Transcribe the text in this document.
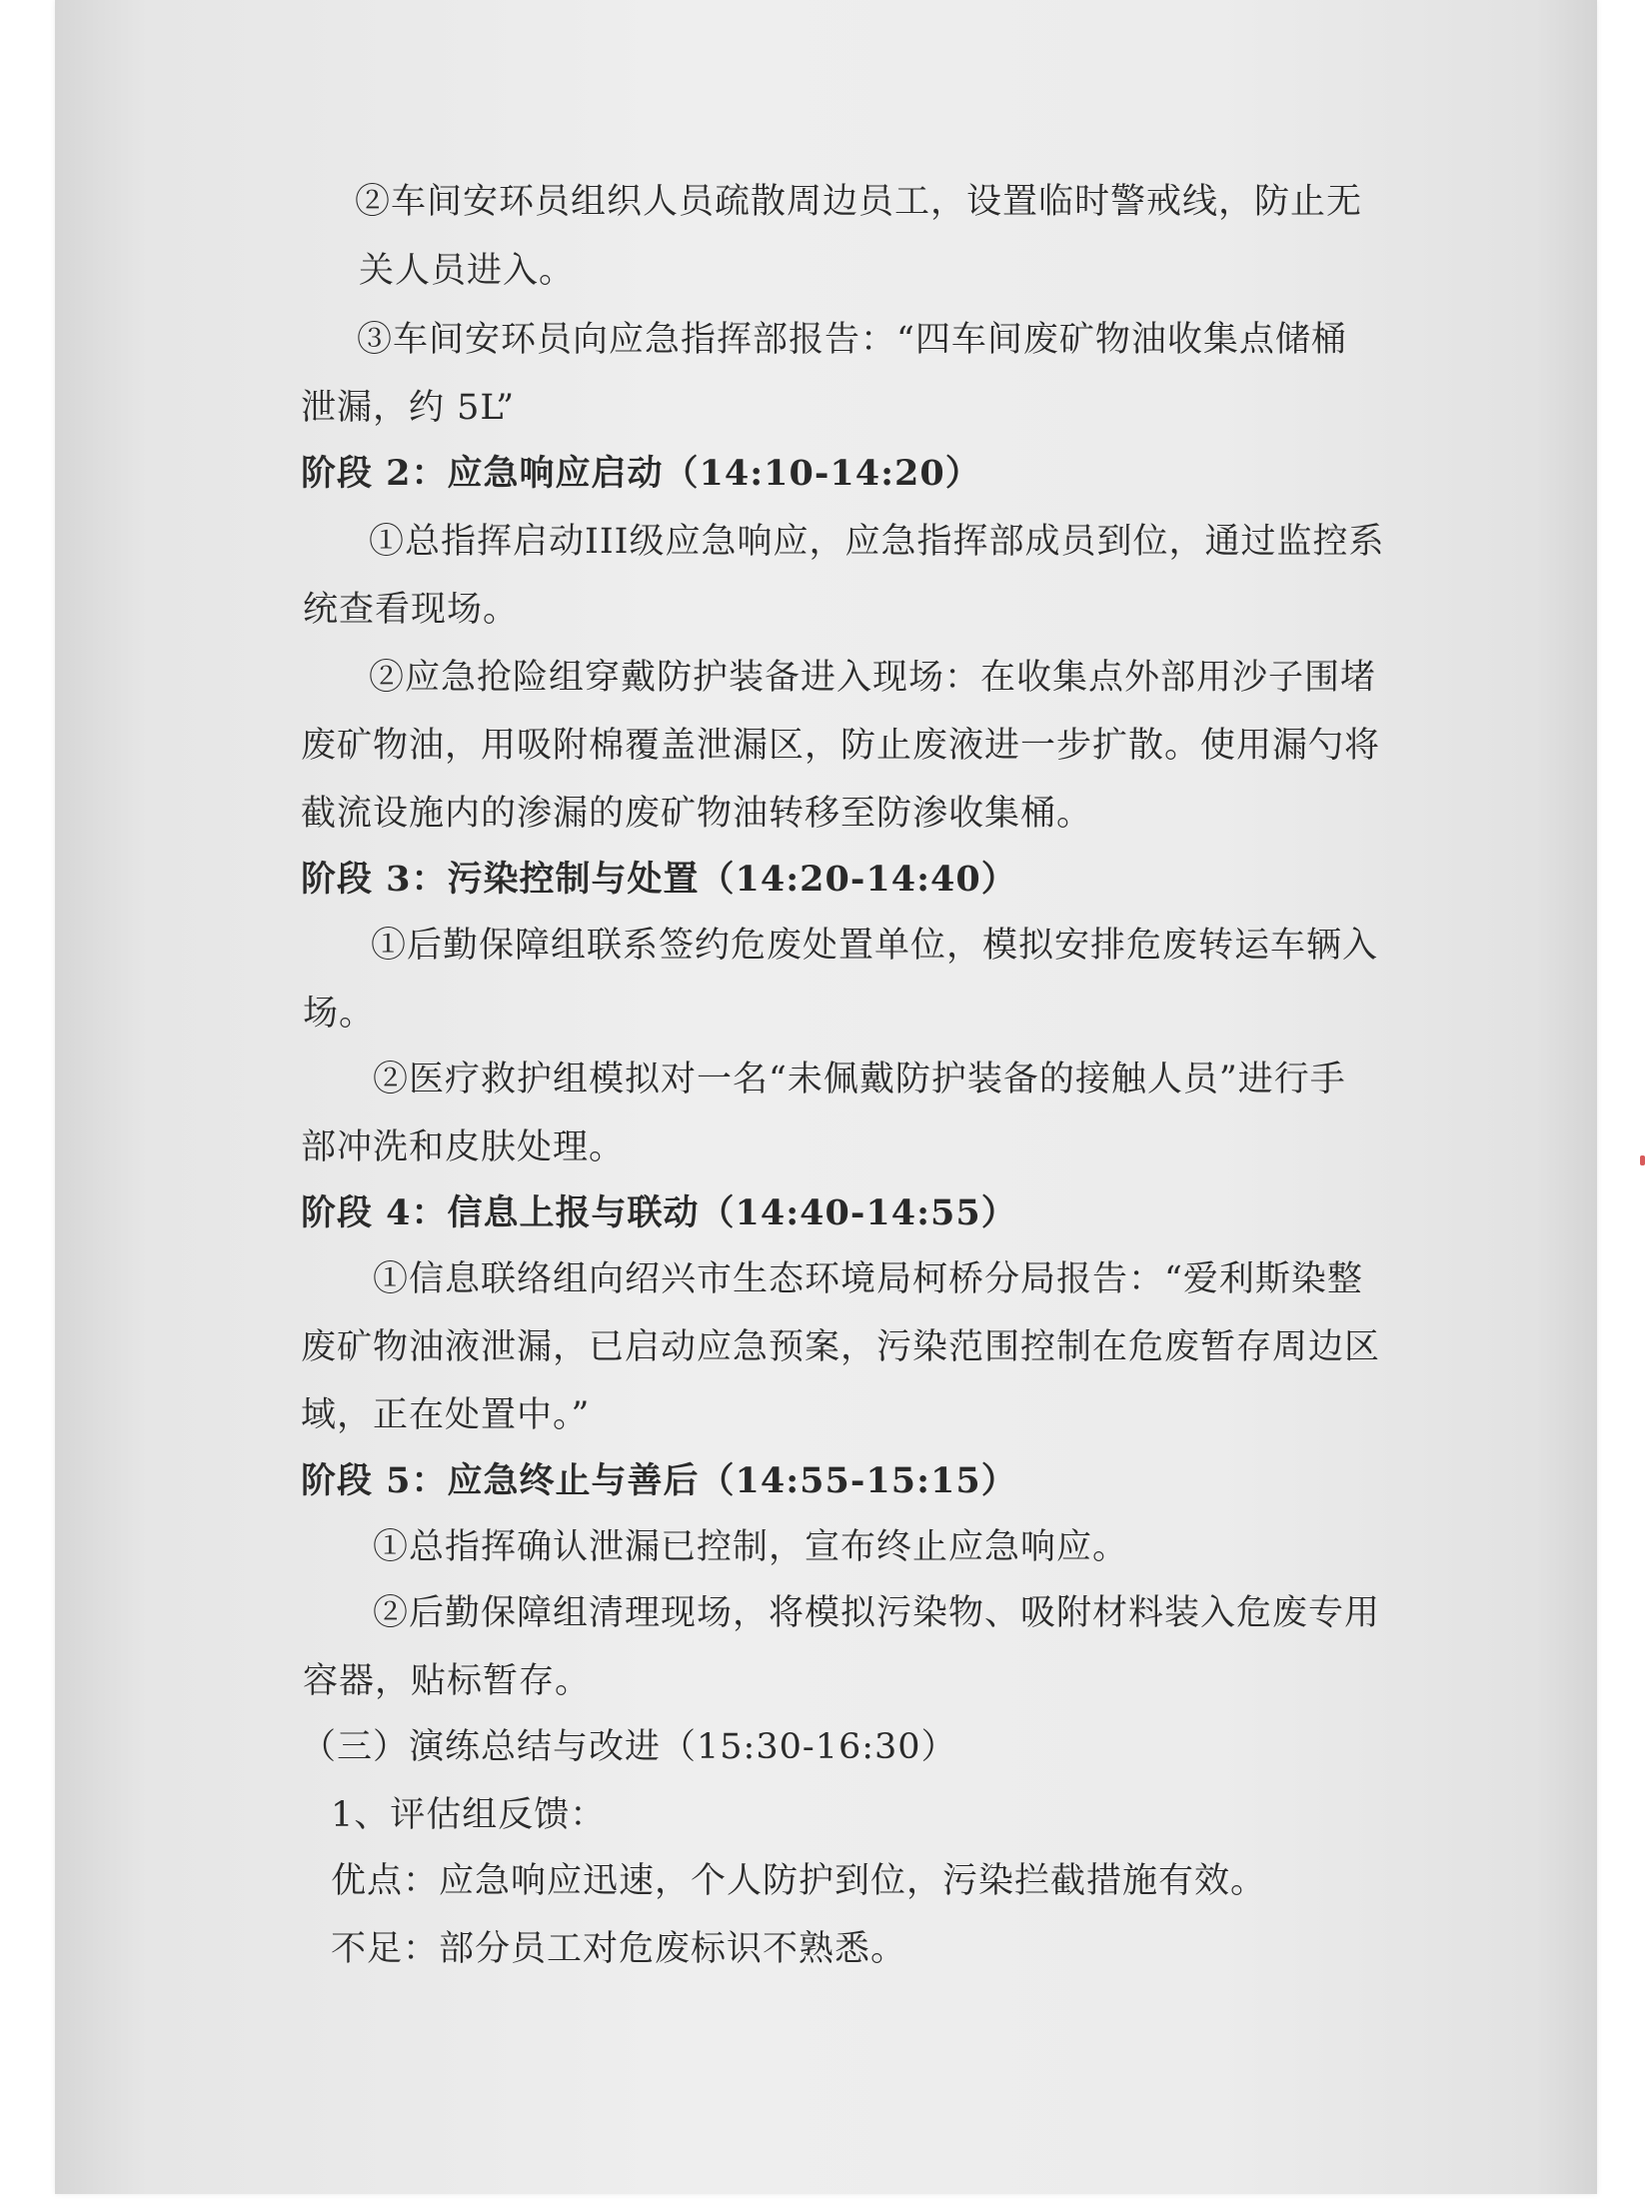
②车间安环员组织人员疏散周边员工，设置临时警戒线，防止无
关人员进入。
③车间安环员向应急指挥部报告：“四车间废矿物油收集点储桶
泄漏，约 5L”
阶段 2：应急响应启动（14:10-14:20）
①总指挥启动III级应急响应，应急指挥部成员到位，通过监控系
统查看现场。
②应急抢险组穿戴防护装备进入现场：在收集点外部用沙子围堵
废矿物油，用吸附棉覆盖泄漏区，防止废液进一步扩散。使用漏勺将
截流设施内的渗漏的废矿物油转移至防渗收集桶。
阶段 3：污染控制与处置（14:20-14:40）
①后勤保障组联系签约危废处置单位，模拟安排危废转运车辆入
场。
②医疗救护组模拟对一名“未佩戴防护装备的接触人员”进行手
部冲洗和皮肤处理。
阶段 4：信息上报与联动（14:40-14:55）
①信息联络组向绍兴市生态环境局柯桥分局报告：“爱利斯染整
废矿物油液泄漏，已启动应急预案，污染范围控制在危废暂存周边区
域，正在处置中。”
阶段 5：应急终止与善后（14:55-15:15）
①总指挥确认泄漏已控制，宣布终止应急响应。
②后勤保障组清理现场，将模拟污染物、吸附材料装入危废专用
容器，贴标暂存。
（三）演练总结与改进（15:30-16:30）
1、评估组反馈：
优点：应急响应迅速，个人防护到位，污染拦截措施有效。
不足：部分员工对危废标识不熟悉。
